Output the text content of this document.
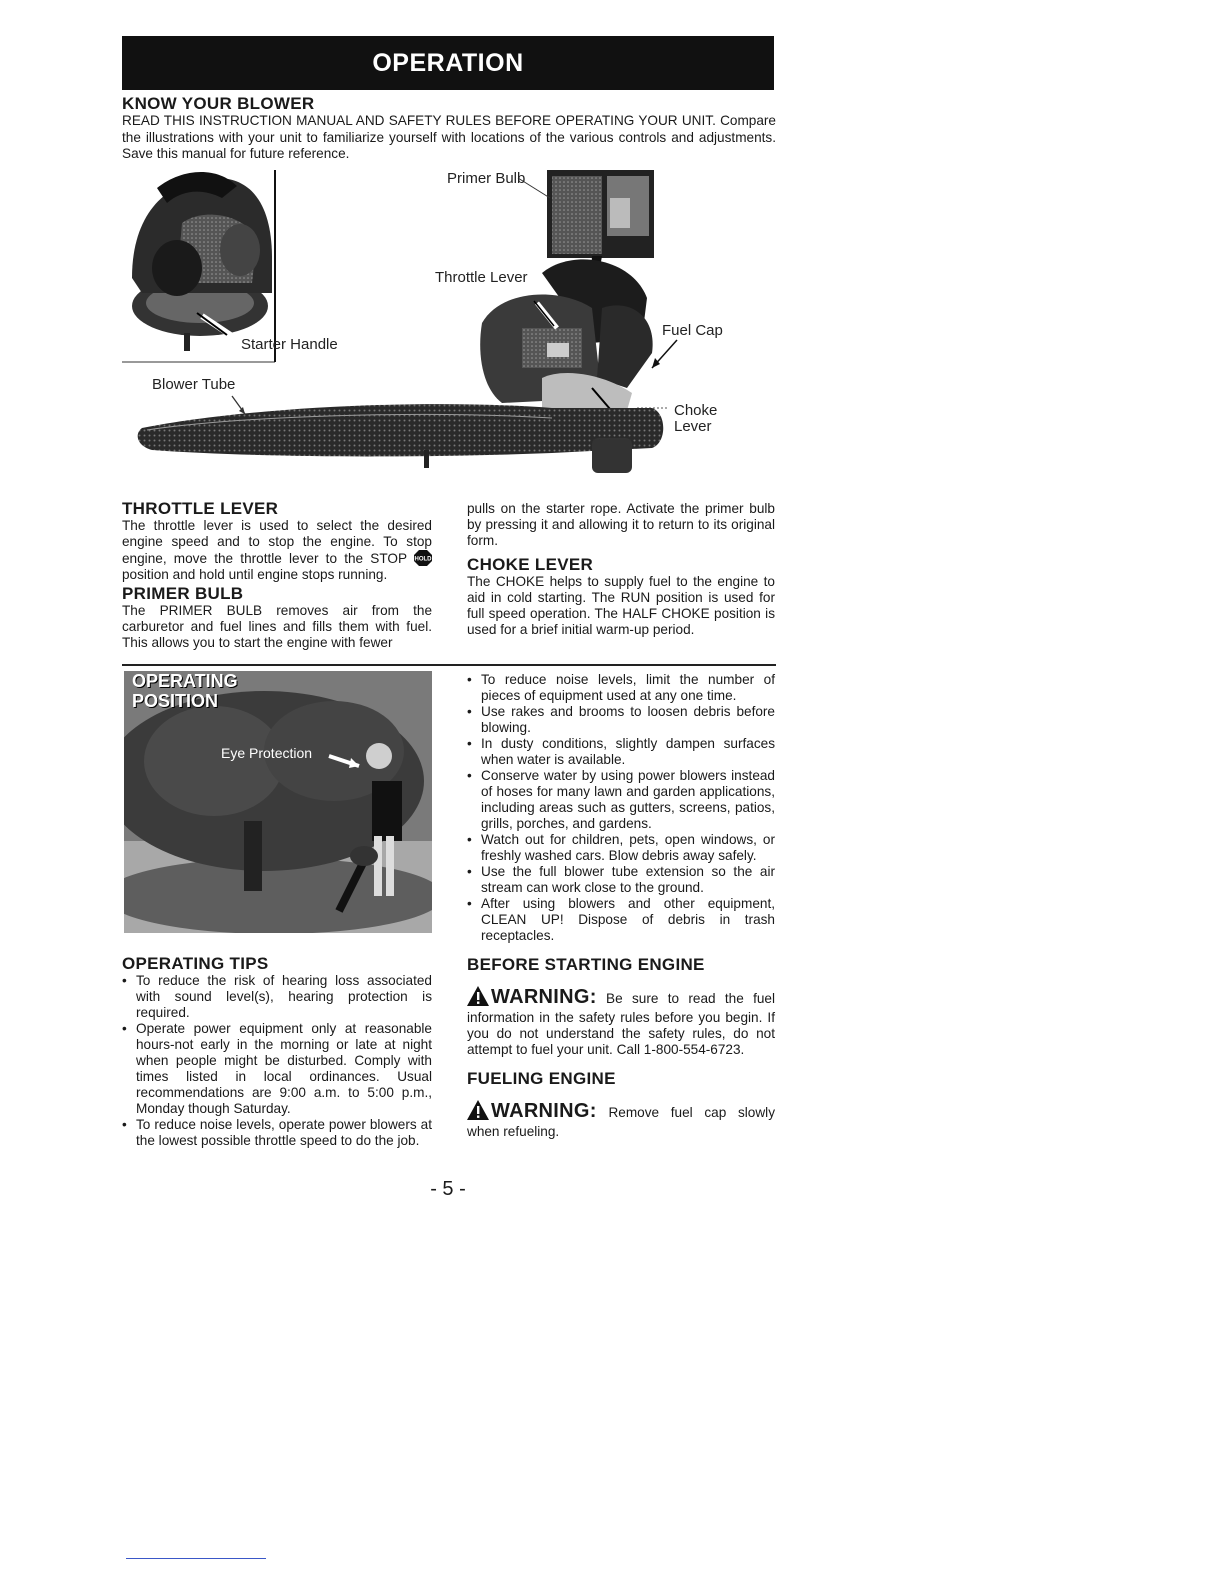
OPERATION
KNOW YOUR BLOWER

READ THIS INSTRUCTION MANUAL AND SAFETY RULES BEFORE OPERATING YOUR UNIT. Compare the illustrations with your unit to familiarize yourself with locations of the various controls and adjustments. Save this manual for future reference.

Primer Bulb
Throttle Lever
Starter Handle
Fuel Cap
Blower Tube
Choke
Lever
THROTTLE LEVER

The throttle lever is used to select the desired engine speed and to stop the engine. To stop engine, move the throttle lever to the STOP HOLD
position and hold until engine stops running.

PRIMER BULB

The PRIMER BULB removes air from the carburetor and fuel lines and fills them with fuel. This allows you to start the engine with fewer

pulls on the starter rope. Activate the primer bulb by pressing it and allowing it to return to its original form.

CHOKE LEVER

The CHOKE helps to supply fuel to the engine to aid in cold starting. The RUN position is used for full speed operation. The HALF CHOKE position is used for a brief initial warm-up period.

OPERATING
POSITION
Eye Protection
OPERATING TIPS
• To reduce the risk of hearing loss associated with sound level(s), hearing protection is required.
• Operate power equipment only at reasonable hours-not early in the morning or late at night when people might be disturbed. Comply with times listed in local ordinances. Usual recommendations are 9:00 a.m. to 5:00 p.m., Monday though Saturday.
• To reduce noise levels, operate power blowers at the lowest possible throttle speed to do the job.
• To reduce noise levels, limit the number of pieces of equipment used at any one time.
• Use rakes and brooms to loosen debris before blowing.
• In dusty conditions, slightly dampen surfaces when water is available.
• Conserve water by using power blowers instead of hoses for many lawn and garden applications, including areas such as gutters, screens, patios, grills, porches, and gardens.
• Watch out for children, pets, open windows, or freshly washed cars. Blow debris away safely.
• Use the full blower tube extension so the air stream can work close to the ground.
• After using blowers and other equipment, CLEAN UP! Dispose of debris in trash receptacles.
BEFORE STARTING ENGINE

WARNING: Be sure to read the fuel information in the safety rules before you begin. If you do not understand the safety rules, do not attempt to fuel your unit. Call 1-800-554-6723.

FUELING ENGINE

WARNING: Remove fuel cap slowly when refueling.

- 5 -
